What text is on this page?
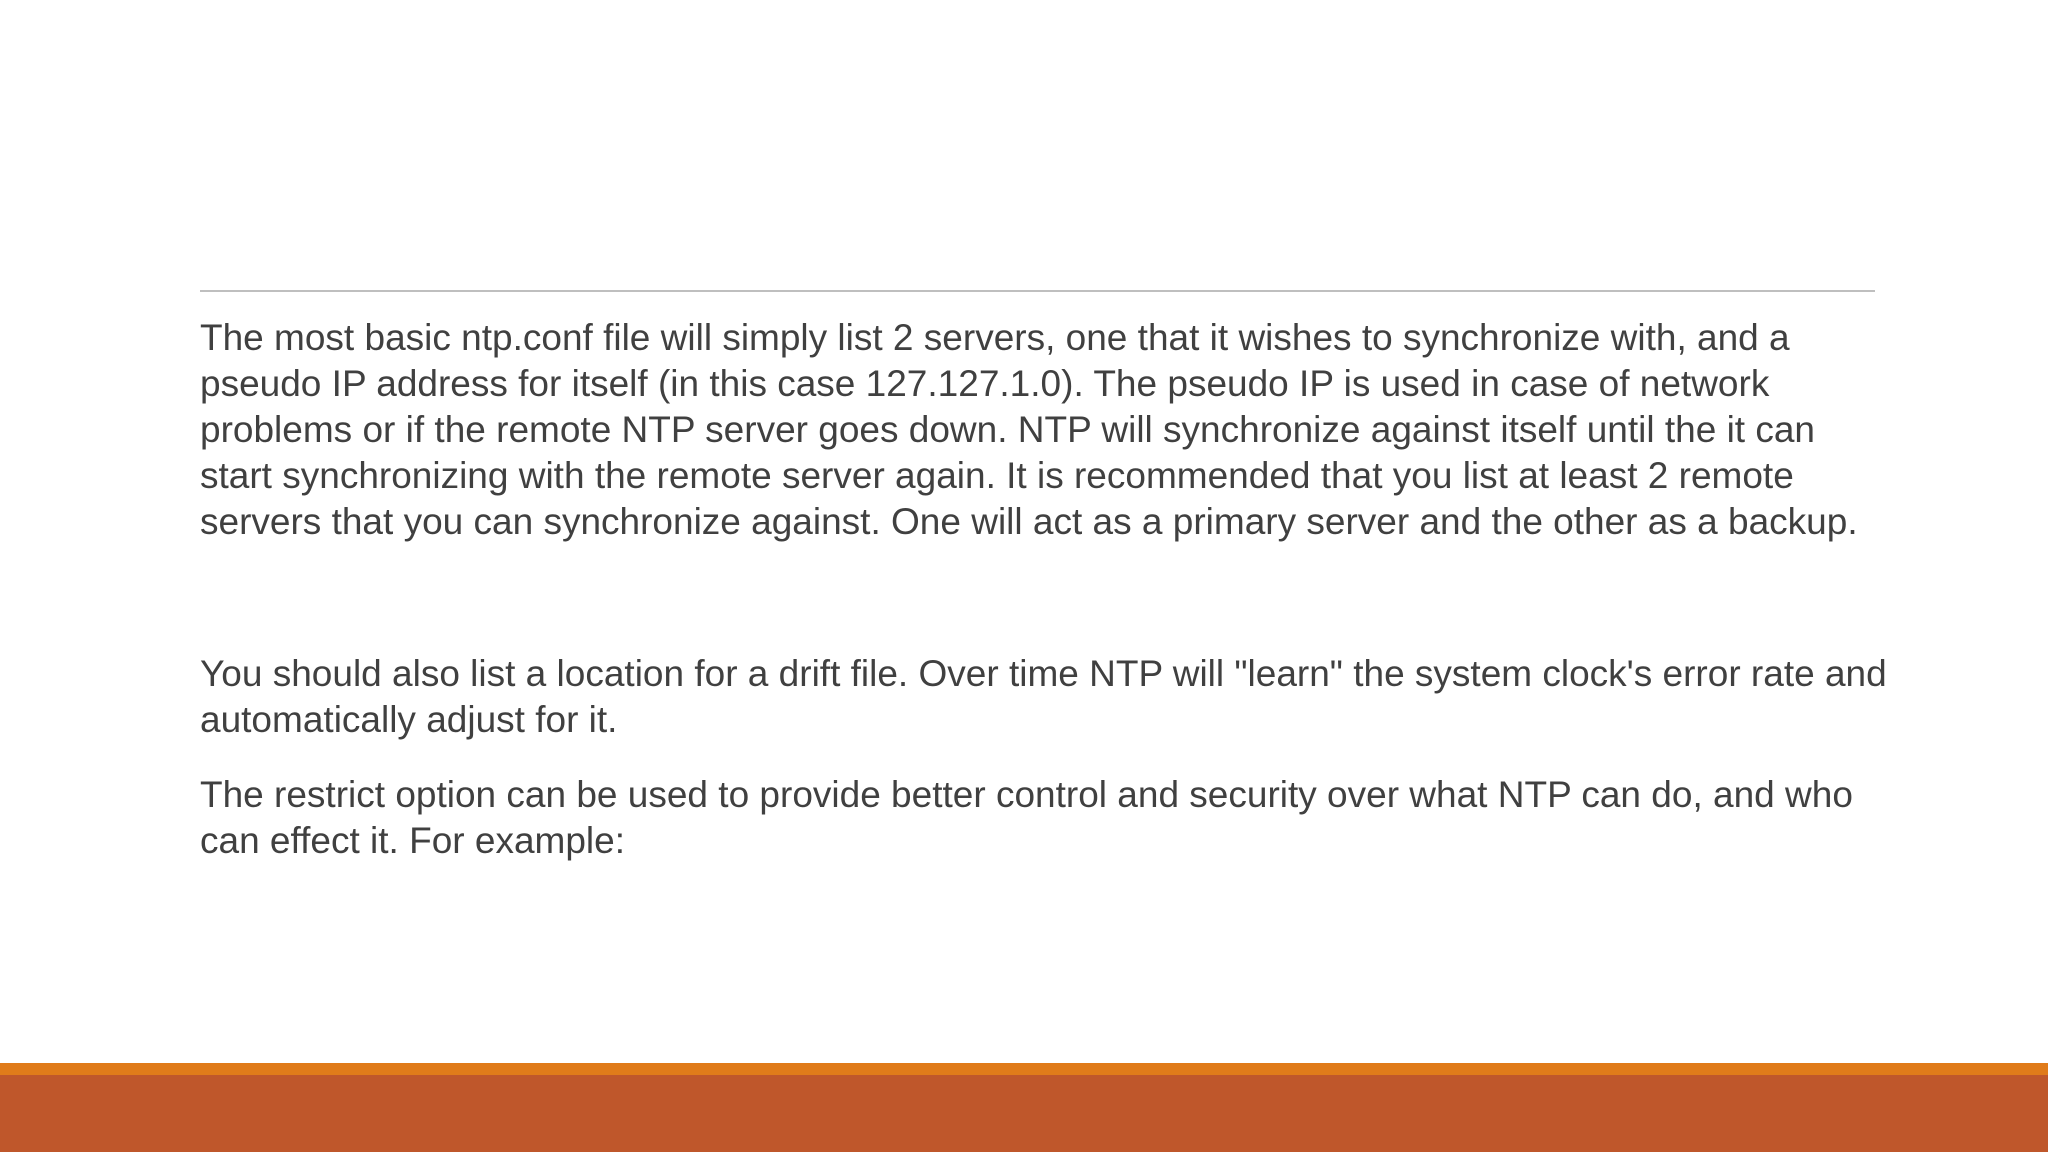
The most basic ntp.conf file will simply list 2 servers, one that it wishes to synchronize with, and a pseudo IP address for itself (in this case 127.127.1.0). The pseudo IP is used in case of network problems or if the remote NTP server goes down. NTP will synchronize against itself until the it can start synchronizing with the remote server again. It is recommended that you list at least 2 remote servers that you can synchronize against. One will act as a primary server and the other as a backup.

You should also list a location for a drift file. Over time NTP will "learn" the system clock's error rate and automatically adjust for it.

The restrict option can be used to provide better control and security over what NTP can do, and who can effect it. For example:
